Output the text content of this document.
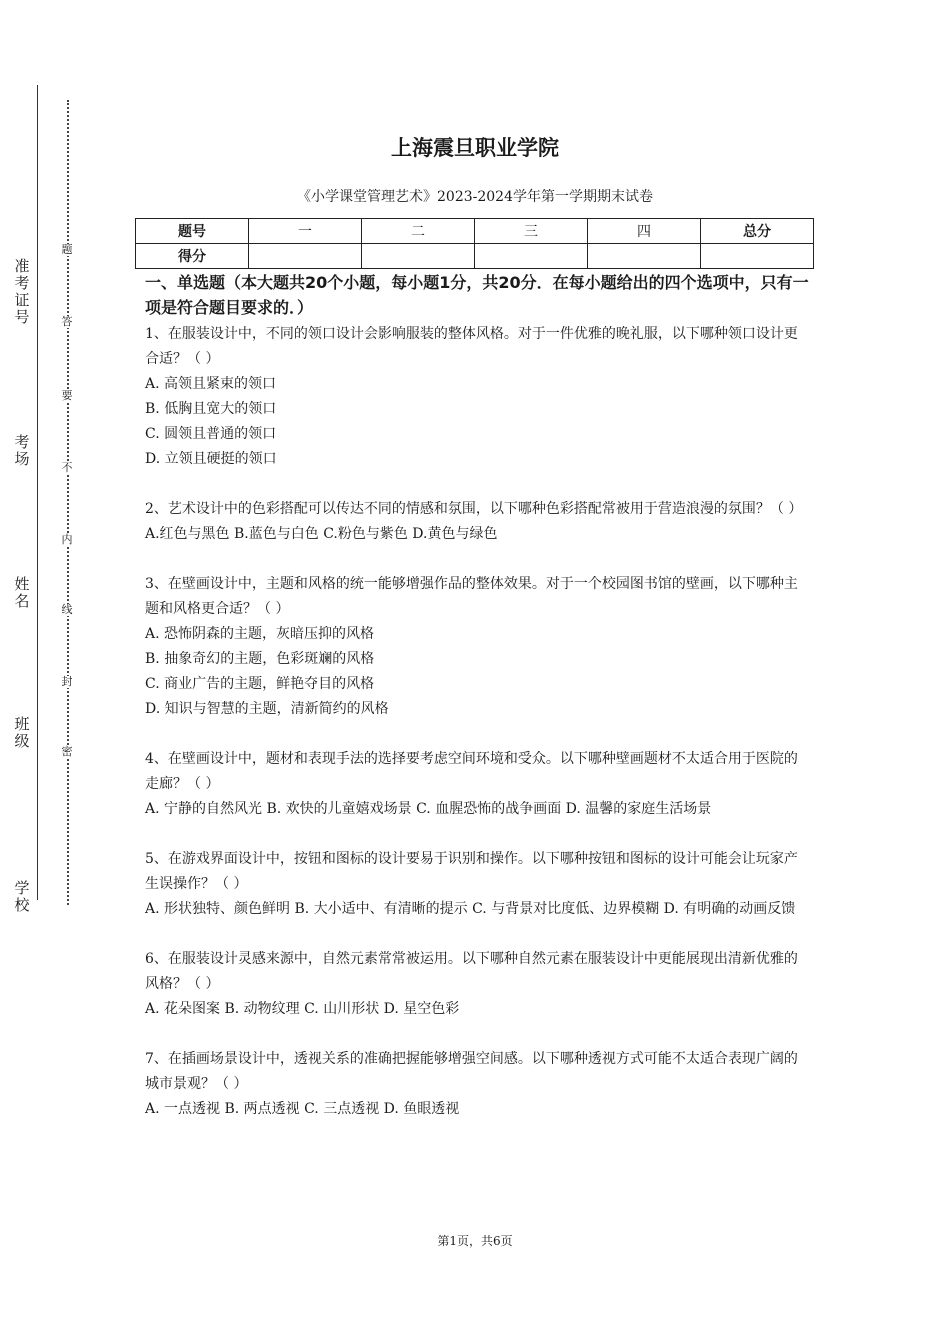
准考证号
考场
姓名
班级
学校
题
答
要
不
内
线
封
密
上海震旦职业学院
《小学课堂管理艺术》2023-2024学年第一学期期末试卷
题号	一	二	三	四	总分
得分					
一、单选题（本大题共20个小题，每小题1分，共20分．在每小题给出的四个选项中，只有一项是符合题目要求的．）

1、在服装设计中，不同的领口设计会影响服装的整体风格。对于一件优雅的晚礼服，以下哪种领口设计更合适？（ ）

A. 高领且紧束的领口

B. 低胸且宽大的领口

C. 圆领且普通的领口

D. 立领且硬挺的领口

2、艺术设计中的色彩搭配可以传达不同的情感和氛围，以下哪种色彩搭配常被用于营造浪漫的氛围？（ ）

A.红色与黑色 B.蓝色与白色 C.粉色与紫色 D.黄色与绿色

3、在壁画设计中，主题和风格的统一能够增强作品的整体效果。对于一个校园图书馆的壁画，以下哪种主题和风格更合适？（ ）

A. 恐怖阴森的主题，灰暗压抑的风格

B. 抽象奇幻的主题，色彩斑斓的风格

C. 商业广告的主题，鲜艳夺目的风格

D. 知识与智慧的主题，清新简约的风格

4、在壁画设计中，题材和表现手法的选择要考虑空间环境和受众。以下哪种壁画题材不太适合用于医院的走廊？（ ）

A. 宁静的自然风光 B. 欢快的儿童嬉戏场景 C. 血腥恐怖的战争画面 D. 温馨的家庭生活场景

5、在游戏界面设计中，按钮和图标的设计要易于识别和操作。以下哪种按钮和图标的设计可能会让玩家产生误操作？（ ）

A. 形状独特、颜色鲜明 B. 大小适中、有清晰的提示 C. 与背景对比度低、边界模糊 D. 有明确的动画反馈

6、在服装设计灵感来源中，自然元素常常被运用。以下哪种自然元素在服装设计中更能展现出清新优雅的风格？（ ）

A. 花朵图案 B. 动物纹理 C. 山川形状 D. 星空色彩

7、在插画场景设计中，透视关系的准确把握能够增强空间感。以下哪种透视方式可能不太适合表现广阔的城市景观？（ ）

A. 一点透视 B. 两点透视 C. 三点透视 D. 鱼眼透视

第1页，共6页
